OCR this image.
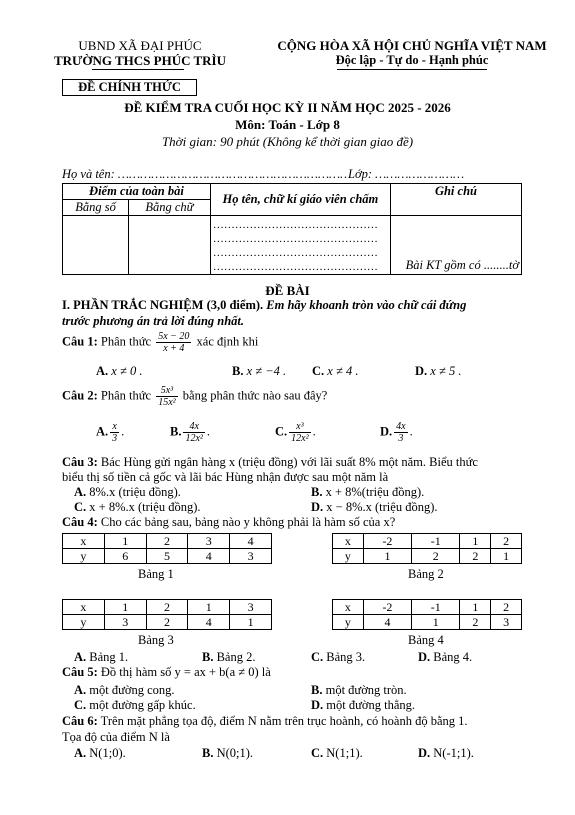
UBND XÃ ĐẠI PHÚC
TRƯỜNG THCS PHÚC TRÌU
CỘNG HÒA XÃ HỘI CHỦ NGHĨA VIỆT NAM
Độc lập - Tự do - Hạnh phúc
ĐỀ CHÍNH THỨC
ĐỀ KIỂM TRA CUỐI HỌC KỲ II NĂM HỌC 2025 - 2026
Môn: Toán - Lớp 8
Thời gian: 90 phút (Không kể thời gian giao đề)
Họ và tên: ………………………………………………………
Lớp: ……………………
Điểm của toàn bài		Họ tên, chữ kí giáo viên chấm	Ghi chú
Bằng số	Bằng chữ		

		………………………………………
………………………………………
………………………………………
………………………………………	Bài KT gồm có ........tờ
ĐỀ BÀI
I. PHẦN TRẮC NGHIỆM (3,0 điểm). Em hãy khoanh tròn vào chữ cái đứng
trước phương án trả lời đúng nhất.
Câu 1: Phân thức $\frac{5x - 20}{x + 4}$ xác định khi
A. x ≠ 0 .	B. x ≠ −4 . C. x ≠ 4 .	D. x ≠ 5 .
Câu 2: Phân thức $\frac{\text{5x³}}{\text{15x²}}$ bằng phân thức nào sau đây?
A. $\frac{x}{3}$ .	B. $\frac{4x}{\text{12x²}}$ .	C. $\frac{\text{x³}}{\text{12x²}}$ .	D. $\frac{4x}{3}$ .
Câu 3: Bác Hùng gửi ngân hàng x (triệu đồng) với lãi suất 8% một năm. Biểu thức
biểu thị số tiền cả gốc và lãi bác Hùng nhận được sau một năm là
A. 8%.x (triệu đồng).	B. x + 8%(triệu đồng).
C. x + 8%.x (triệu đồng).	D. x − 8%.x (triệu đồng).
Câu 4: Cho các bảng sau, bảng nào y không phải là hàm số của x?
x	1	2	3	4
y	6	5	4	3
Bảng 1
x	-2	-1	1	2
y	1	2	2	1
Bảng 2
x	1	2	1	3
y	3	2	4	1
Bảng 3
x	-2	-1	1	2
y	4	1	2	3
Bảng 4
A. Bảng 1.	B. Bảng 2.	C. Bảng 3.	D. Bảng 4.
Câu 5: Đồ thị hàm số y = ax + b(a ≠ 0) là
A. một đường cong.	B. một đường tròn.
C. một đường gấp khúc.	D. một đường thẳng.
Câu 6: Trên mặt phẳng tọa độ, điểm N nằm trên trục hoành, có hoành độ bằng 1.
Tọa độ của điểm N là
A. N(1;0).	B. N(0;1).	C. N(1;1).	D. N(-1;1).
